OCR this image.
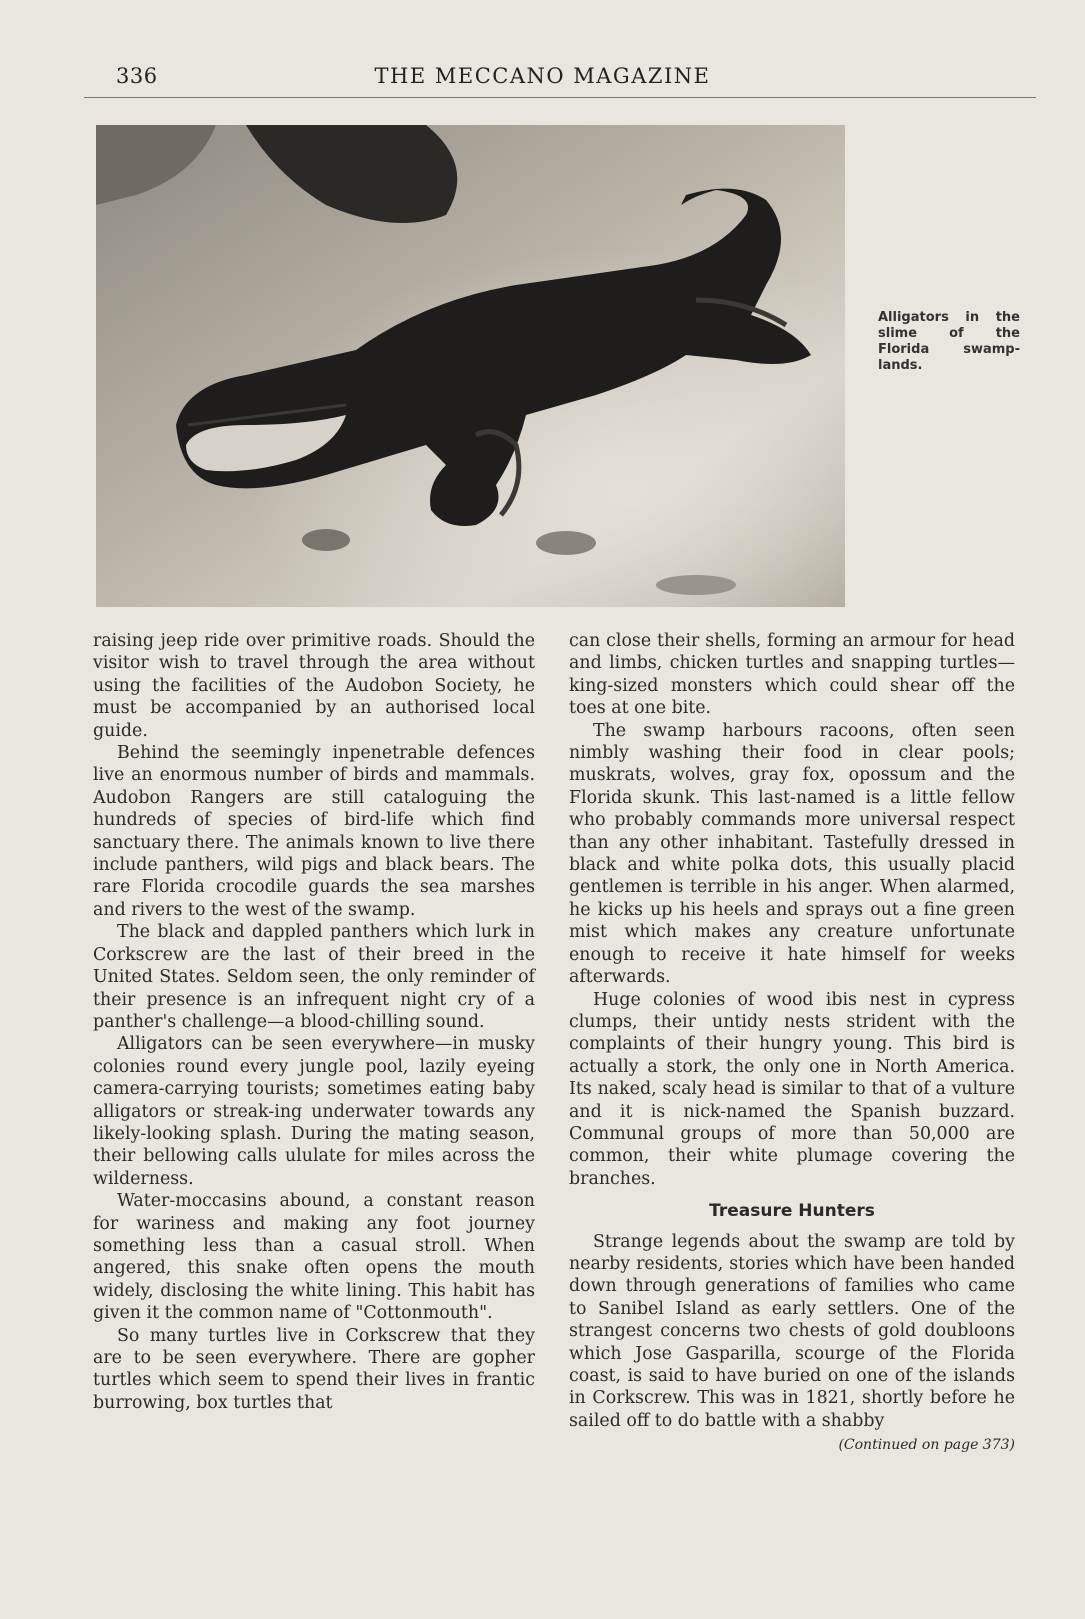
336	THE MECCANO MAGAZINE
Alligators in the slime of the Florida swamp-lands.

raising jeep ride over primitive roads. Should the visitor wish to travel through the area without using the facilities of the Audobon Society, he must be accompanied by an authorised local guide.

Behind the seemingly inpenetrable defences live an enormous number of birds and mammals. Audobon Rangers are still cataloguing the hundreds of species of bird-life which find sanctuary there. The animals known to live there include panthers, wild pigs and black bears. The rare Florida crocodile guards the sea marshes and rivers to the west of the swamp.

The black and dappled panthers which lurk in Corkscrew are the last of their breed in the United States. Seldom seen, the only reminder of their presence is an infrequent night cry of a panther's challenge—a blood-chilling sound.

Alligators can be seen everywhere—in musky colonies round every jungle pool, lazily eyeing camera-carrying tourists; sometimes eating baby alligators or streak-ing underwater towards any likely-looking splash. During the mating season, their bellowing calls ululate for miles across the wilderness.

Water-moccasins abound, a constant reason for wariness and making any foot journey something less than a casual stroll. When angered, this snake often opens the mouth widely, disclosing the white lining. This habit has given it the common name of "Cottonmouth".

So many turtles live in Corkscrew that they are to be seen everywhere. There are gopher turtles which seem to spend their lives in frantic burrowing, box turtles that

can close their shells, forming an armour for head and limbs, chicken turtles and snapping turtles—king-sized monsters which could shear off the toes at one bite.

The swamp harbours racoons, often seen nimbly washing their food in clear pools; muskrats, wolves, gray fox, opossum and the Florida skunk. This last-named is a little fellow who probably commands more universal respect than any other inhabitant. Tastefully dressed in black and white polka dots, this usually placid gentlemen is terrible in his anger. When alarmed, he kicks up his heels and sprays out a fine green mist which makes any creature unfortunate enough to receive it hate himself for weeks afterwards.

Huge colonies of wood ibis nest in cypress clumps, their untidy nests strident with the complaints of their hungry young. This bird is actually a stork, the only one in North America. Its naked, scaly head is similar to that of a vulture and it is nick-named the Spanish buzzard. Communal groups of more than 50,000 are common, their white plumage covering the branches.

Treasure Hunters

Strange legends about the swamp are told by nearby residents, stories which have been handed down through generations of families who came to Sanibel Island as early settlers. One of the strangest concerns two chests of gold doubloons which Jose Gasparilla, scourge of the Florida coast, is said to have buried on one of the islands in Corkscrew. This was in 1821, shortly before he sailed off to do battle with a shabby
(Continued on page 373)
